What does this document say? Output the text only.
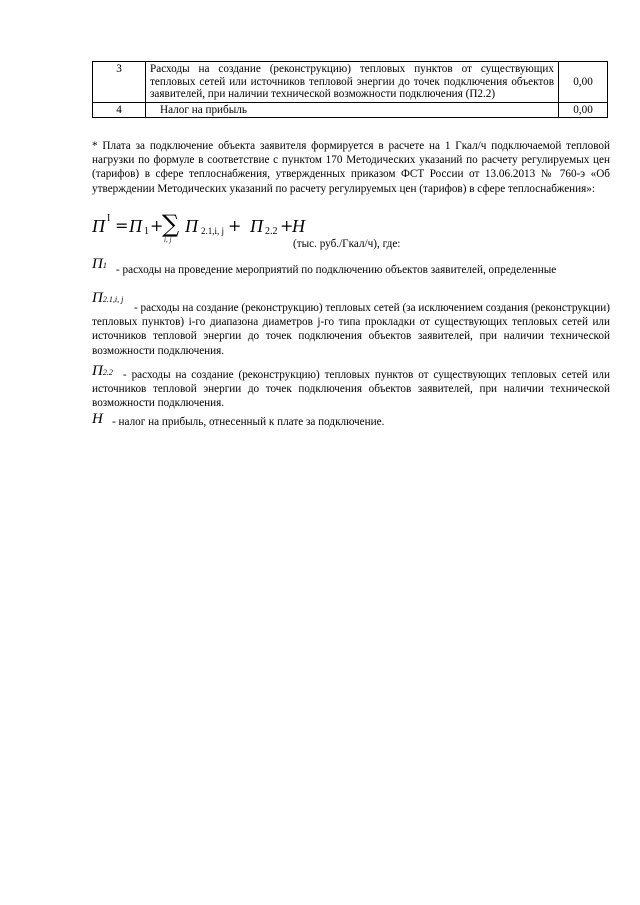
3	Расходы на создание (реконструкцию) тепловых пунктов от существующих тепловых сетей или источников тепловой энергии до точек подключения объектов заявителей, при наличии технической возможности подключения (П2.2)	0,00
4	Налог на прибыль	0,00

* Плата за подключение объекта заявителя формируется в расчете на 1 Гкал/ч подключаемой тепловой нагрузки по формуле в соответствие с пунктом 170 Методических указаний по расчету регулируемых цен (тарифов) в сфере теплоснабжения, утвержденных приказом ФСТ России от 13.06.2013 № 760-э «Об утверждении Методических указаний по расчету регулируемых цен (тарифов) в сфере теплоснабжения»:

П I = П 1 +
∑
i, j
П 2.1,i, j + П 2.2 +
Н
(тыс. руб./Гкал/ч), где:
П1 - расходы на проведение мероприятий по подключению объектов заявителей, определенные

П2.1,i, j

- расходы на создание (реконструкцию) тепловых сетей (за исключением создания (реконструкции) тепловых пунктов) i-го диапазона диаметров j-го типа прокладки от существующих тепловых сетей или источников тепловой энергии до точек подключения объектов заявителей, при наличии технической возможности подключения.

П2.2 - расходы на создание (реконструкцию) тепловых пунктов от существующих тепловых сетей или источников тепловой энергии до точек подключения объектов заявителей, при наличии технической возможности подключения.

Н - налог на прибыль, отнесенный к плате за подключение.
